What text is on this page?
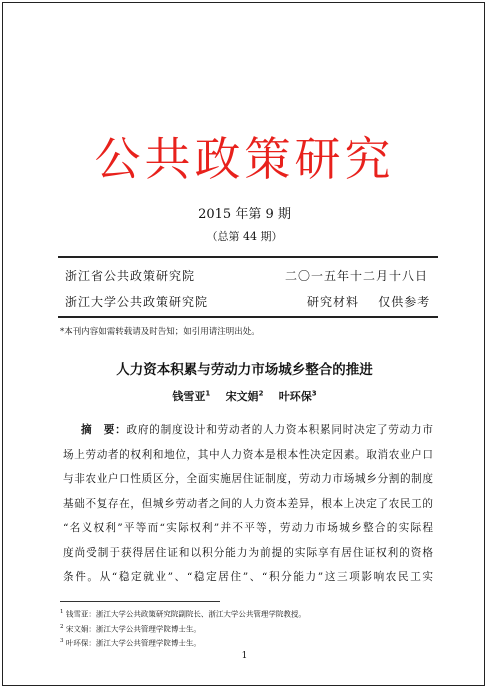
公共政策研究
2015 年第 9 期
（总第 44 期）
浙江省公共政策研究院	二〇一五年十二月十八日
浙江大学公共政策研究院	研究材料    仅供参考
*本刊内容如需转载请及时告知；如引用请注明出处。
人力资本积累与劳动力市场城乡整合的推进
钱雪亚$^1$ 宋文娟$^2$ 叶环保$^3$
摘　要：政府的制度设计和劳动者的人力资本积累同时决定了劳动力市
场上劳动者的权利和地位，其中人力资本是根本性决定因素。取消农业户口
与非农业户口性质区分，全面实施居住证制度，劳动力市场城乡分割的制度
基础不复存在，但城乡劳动者之间的人力资本差异，根本上决定了农民工的
“名义权利”平等而“实际权利”并不平等，劳动力市场城乡整合的实际程
度尚受制于获得居住证和以积分能力为前提的实际享有居住证权利的资格
条件。从“稳定就业”、“稳定居住”、“积分能力”这三项影响农民工实
$^1$ 钱雪亚：浙江大学公共政策研究院副院长、浙江大学公共管理学院教授。
$^2$ 宋文娟：浙江大学公共管理学院博士生。
$^3$ 叶环保：浙江大学公共管理学院博士生。
1
